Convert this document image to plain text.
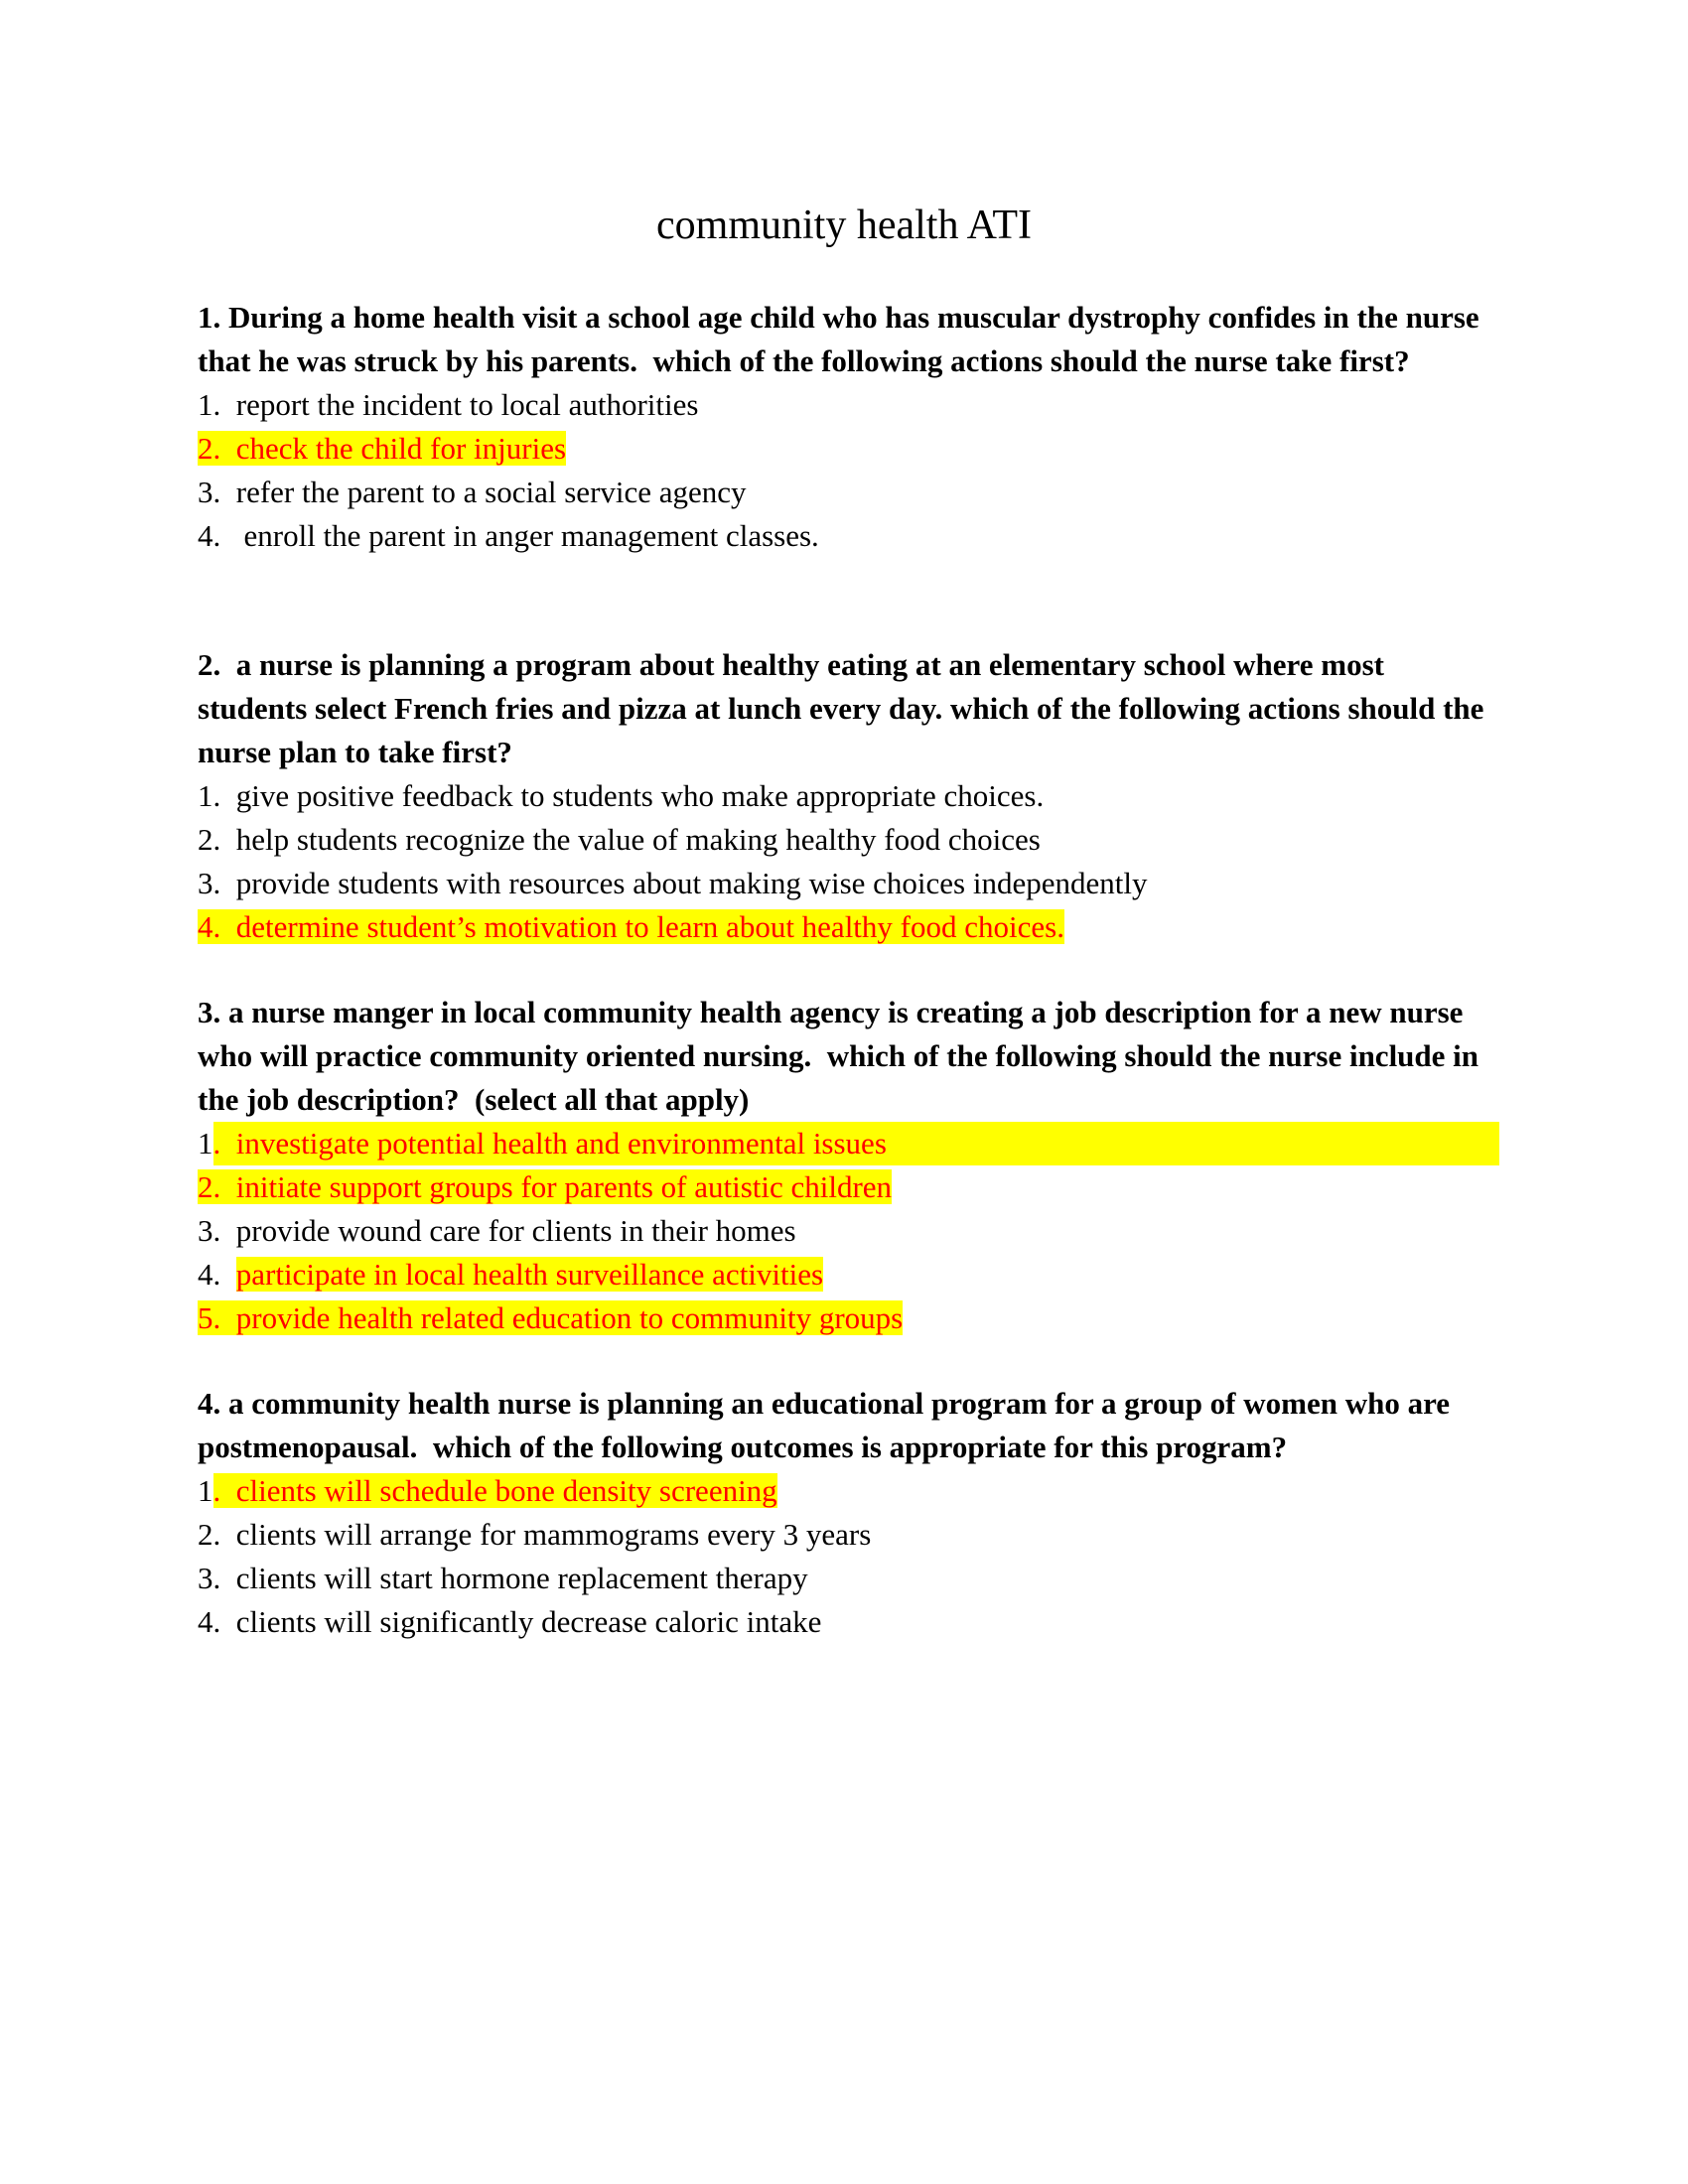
community health ATI

1. During a home health visit a school age child who has muscular dystrophy confides in the nurse that he was struck by his parents.  which of the following actions should the nurse take first?

1.  report the incident to local authorities
2.  check the child for injuries
3.  refer the parent to a social service agency
4.   enroll the parent in anger management classes.

2.  a nurse is planning a program about healthy eating at an elementary school where most students select French fries and pizza at lunch every day. which of the following actions should the nurse plan to take first?

1.  give positive feedback to students who make appropriate choices.
2.  help students recognize the value of making healthy food choices
3.  provide students with resources about making wise choices independently
4.  determine student’s motivation to learn about healthy food choices.

3. a nurse manger in local community health agency is creating a job description for a new nurse who will practice community oriented nursing.  which of the following should the nurse include in the job description?  (select all that apply)

1.  investigate potential health and environmental issues
2.  initiate support groups for parents of autistic children
3.  provide wound care for clients in their homes
4.  participate in local health surveillance activities
5.  provide health related education to community groups

4. a community health nurse is planning an educational program for a group of women who are postmenopausal.  which of the following outcomes is appropriate for this program?

1.  clients will schedule bone density screening
2.  clients will arrange for mammograms every 3 years
3.  clients will start hormone replacement therapy
4.  clients will significantly decrease caloric intake
